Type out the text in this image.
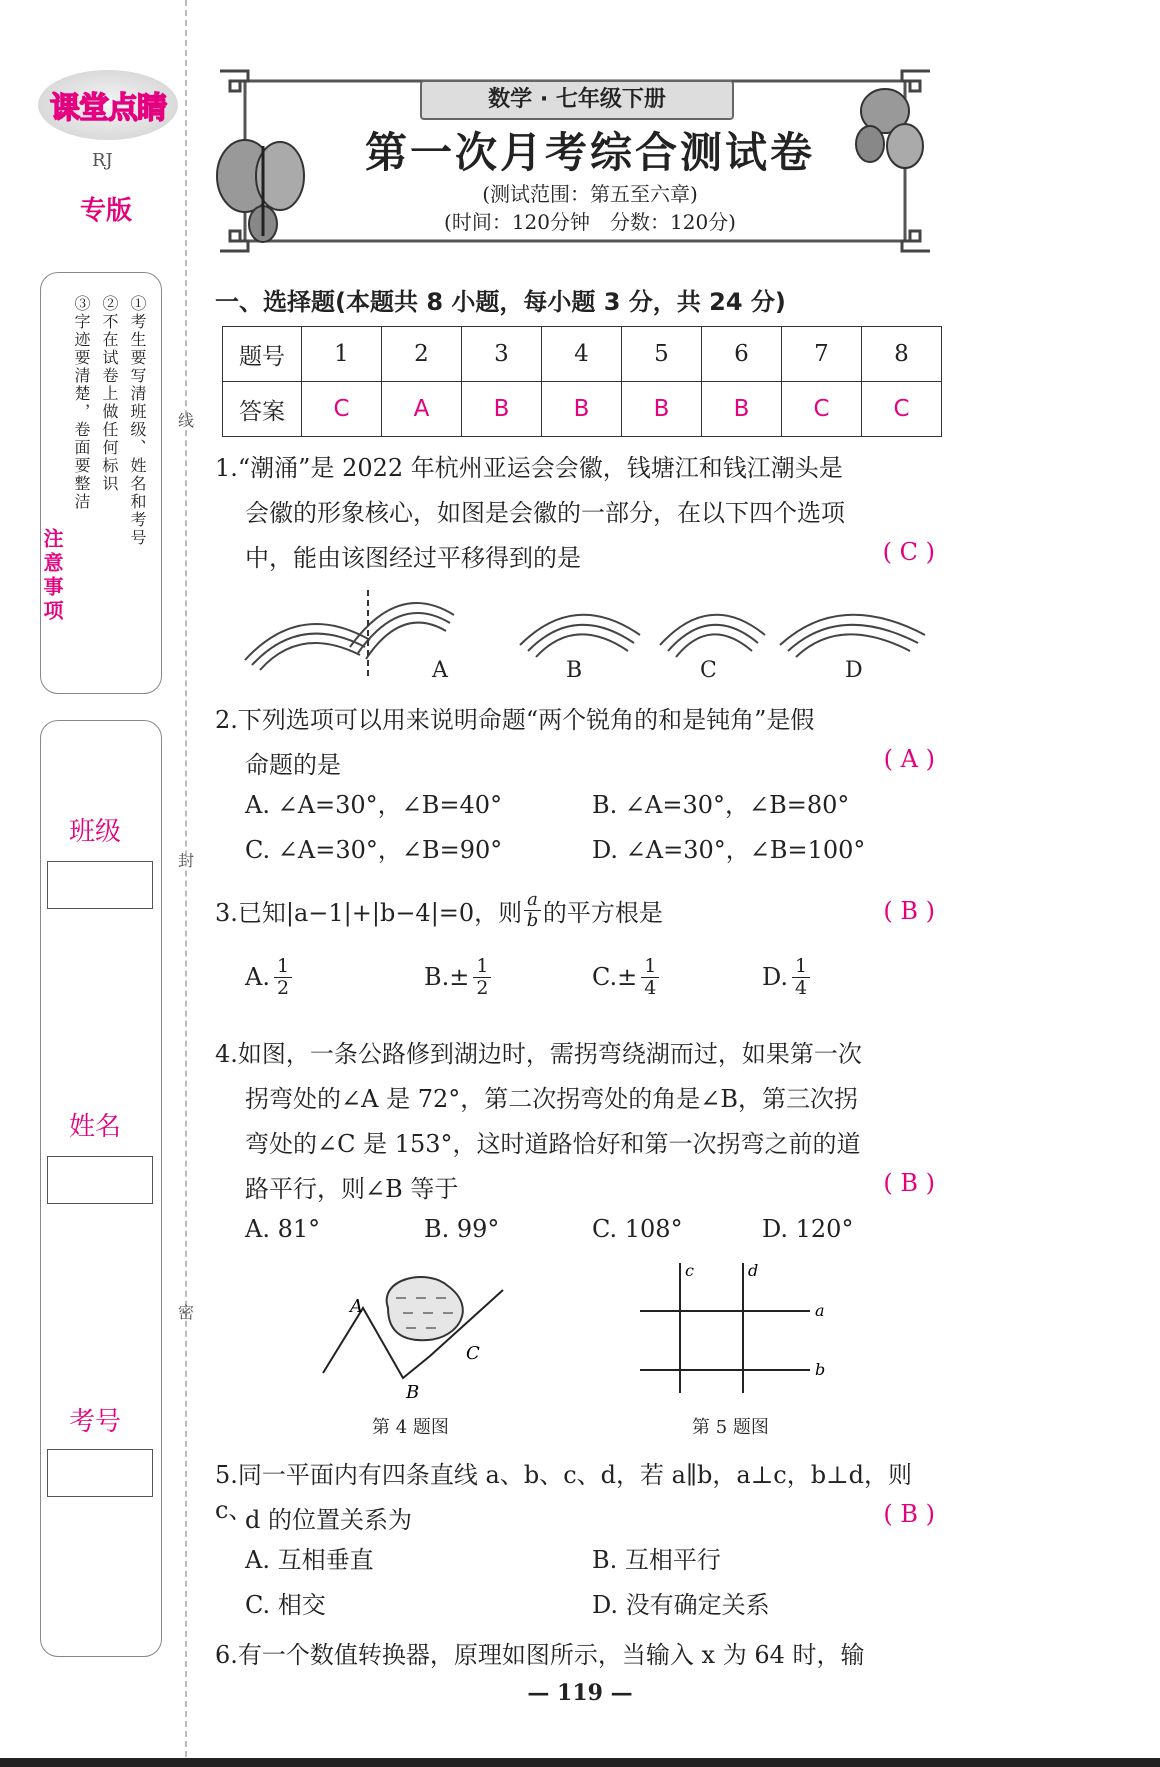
课堂点睛
RJ
专版
①考生要写清班级、姓名和考号
②不在试卷上做任何标识
③字迹要清楚，卷面要整洁
注意事项
班级
姓名
考号
线
封
密
数学 · 七年级下册
第一次月考综合测试卷
(测试范围：第五至六章)
(时间：120分钟　分数：120分)
一、选择题(本题共 8 小题，每小题 3 分，共 24 分)
题号	1	2	3	4	5	6	7	8
答案	C	A	B	B	B	B	C	C
1.“潮涌”是 2022 年杭州亚运会会徽，钱塘江和钱江潮头是
会徽的形象核心，如图是会徽的一部分，在以下四个选项
中，能由该图经过平移得到的是	( C )
A	B	C	D
2.下列选项可以用来说明命题“两个锐角的和是钝角”是假
命题的是	( A )
A. ∠A=30°，∠B=40°	B. ∠A=30°，∠B=80°
C. ∠A=30°，∠B=90°	D. ∠A=30°，∠B=100°
3.已知|a−1|+|b−4|=0，则 $\frac{a}{b}$ 的平方根是	( B )
A. $\frac{1}{2}$	B. ± $\frac{1}{2}$	C. ± $\frac{1}{4}$	D. $\frac{1}{4}$
4.如图，一条公路修到湖边时，需拐弯绕湖而过，如果第一次
拐弯处的∠A 是 72°，第二次拐弯处的角是∠B，第三次拐
弯处的∠C 是 153°，这时道路恰好和第一次拐弯之前的道
路平行，则∠B 等于	( B )
A. 81°	B. 99°	C. 108°	D. 120°
A
B
C
c	d
a
b
第 4 题图	第 5 题图
5.同一平面内有四条直线 a、b、c、d，若 a∥b，a⊥c，b⊥d，则 c、
d 的位置关系为	( B )
A. 互相垂直	B. 互相平行
C. 相交	D. 没有确定关系
6.有一个数值转换器，原理如图所示，当输入 x 为 64 时，输
— 119 —
